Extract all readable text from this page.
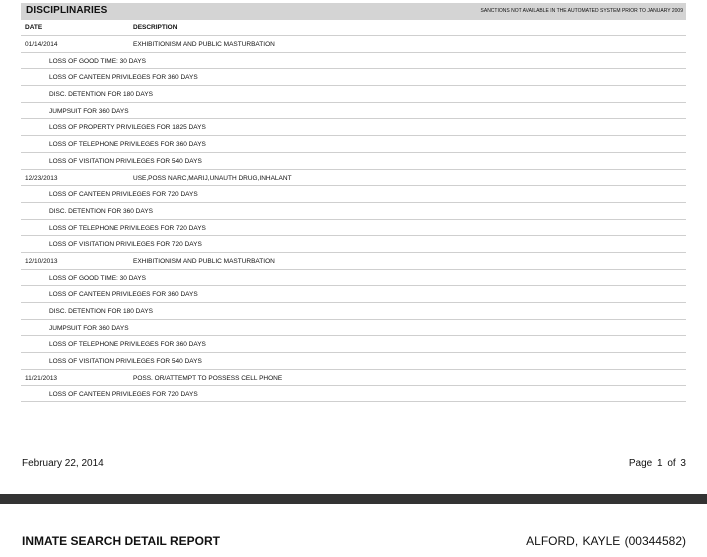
DISCIPLINARIES	SANCTIONS NOT AVAILABLE IN THE AUTOMATED SYSTEM PRIOR TO JANUARY 2009
DATE	DESCRIPTION
01/14/2014	EXHIBITIONISM AND PUBLIC MASTURBATION
LOSS OF GOOD TIME: 30 DAYS
LOSS OF CANTEEN PRIVILEGES FOR 360 DAYS
DISC. DETENTION FOR 180 DAYS
JUMPSUIT FOR 360 DAYS
LOSS OF PROPERTY PRIVILEGES FOR 1825 DAYS
LOSS OF TELEPHONE PRIVILEGES FOR 360 DAYS
LOSS OF VISITATION PRIVILEGES FOR 540 DAYS
12/23/2013	USE,POSS NARC,MARIJ,UNAUTH DRUG,INHALANT
LOSS OF CANTEEN PRIVILEGES FOR 720 DAYS
DISC. DETENTION FOR 360 DAYS
LOSS OF TELEPHONE PRIVILEGES FOR 720 DAYS
LOSS OF VISITATION PRIVILEGES FOR 720 DAYS
12/10/2013	EXHIBITIONISM AND PUBLIC MASTURBATION
LOSS OF GOOD TIME: 30 DAYS
LOSS OF CANTEEN PRIVILEGES FOR 360 DAYS
DISC. DETENTION FOR 180 DAYS
JUMPSUIT FOR 360 DAYS
LOSS OF TELEPHONE PRIVILEGES FOR 360 DAYS
LOSS OF VISITATION PRIVILEGES FOR 540 DAYS
11/21/2013	POSS. OR/ATTEMPT TO POSSESS CELL PHONE
LOSS OF CANTEEN PRIVILEGES FOR 720 DAYS
February 22, 2014	Page 1 of 3
INMATE SEARCH DETAIL REPORT	ALFORD, KAYLE (00344582)
